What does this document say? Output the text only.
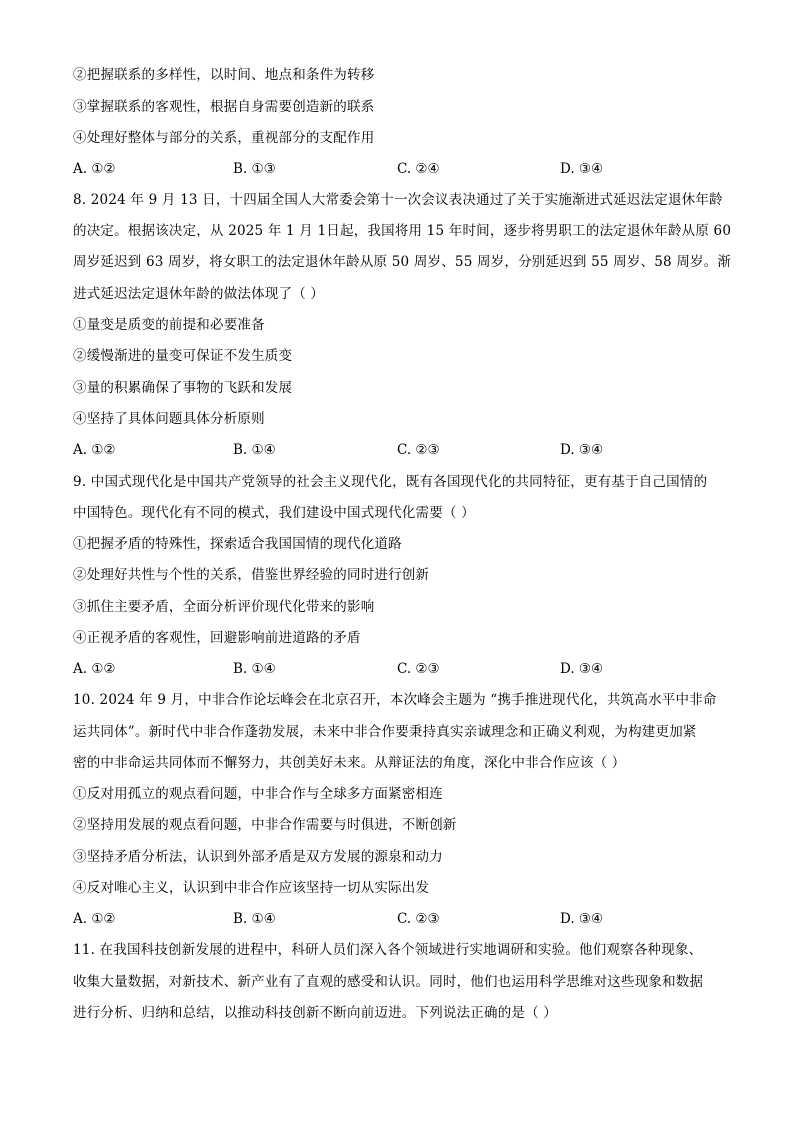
②把握联系的多样性，以时间、地点和条件为转移
③掌握联系的客观性，根据自身需要创造新的联系
④处理好整体与部分的关系，重视部分的支配作用
A. ①②	B. ①③	C. ②④	D. ③④
8. 2024 年 9 月 13 日，十四届全国人大常委会第十一次会议表决通过了关于实施渐进式延迟法定退休年龄
的决定。根据该决定，从 2025 年 1 月 1日起，我国将用 15 年时间，逐步将男职工的法定退休年龄从原 60
周岁延迟到 63 周岁，将女职工的法定退休年龄从原 50 周岁、55 周岁，分别延迟到 55 周岁、58 周岁。渐
进式延迟法定退休年龄的做法体现了（ ）
①量变是质变的前提和必要准备
②缓慢渐进的量变可保证不发生质变
③量的积累确保了事物的飞跃和发展
④坚持了具体问题具体分析原则
A. ①②	B. ①④	C. ②③	D. ③④
9. 中国式现代化是中国共产党领导的社会主义现代化，既有各国现代化的共同特征，更有基于自己国情的
中国特色。现代化有不同的模式，我们建设中国式现代化需要（ ）
①把握矛盾的特殊性，探索适合我国国情的现代化道路
②处理好共性与个性的关系，借鉴世界经验的同时进行创新
③抓住主要矛盾，全面分析评价现代化带来的影响
④正视矛盾的客观性，回避影响前进道路的矛盾
A. ①②	B. ①④	C. ②③	D. ③④
10. 2024 年 9 月，中非合作论坛峰会在北京召开，本次峰会主题为 “携手推进现代化，共筑高水平中非命
运共同体”。新时代中非合作蓬勃发展，未来中非合作要秉持真实亲诚理念和正确义利观，为构建更加紧
密的中非命运共同体而不懈努力，共创美好未来。从辩证法的角度，深化中非合作应该（ ）
①反对用孤立的观点看问题，中非合作与全球多方面紧密相连
②坚持用发展的观点看问题，中非合作需要与时俱进，不断创新
③坚持矛盾分析法，认识到外部矛盾是双方发展的源泉和动力
④反对唯心主义，认识到中非合作应该坚持一切从实际出发
A. ①②	B. ①④	C. ②③	D. ③④
11. 在我国科技创新发展的进程中，科研人员们深入各个领域进行实地调研和实验。他们观察各种现象、
收集大量数据，对新技术、新产业有了直观的感受和认识。同时，他们也运用科学思维对这些现象和数据
进行分析、归纳和总结，以推动科技创新不断向前迈进。下列说法正确的是（ ）
